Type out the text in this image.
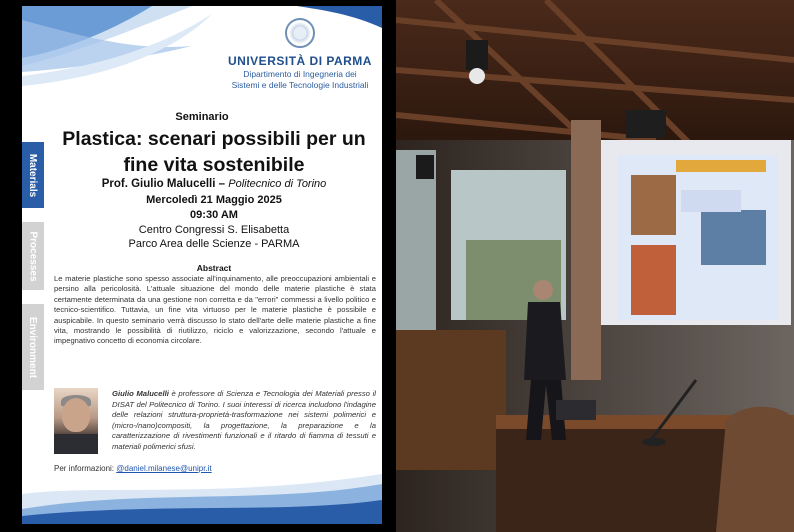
UNIVERSITÀ DI PARMA
Dipartimento di Ingegneria dei
Sistemi e delle Tecnologie Industriali
Materials
Processes
Environment
Seminario
Plastica: scenari possibili per un
fine vita sostenibile
Prof. Giulio Malucelli – Politecnico di Torino
Mercoledì 21 Maggio 2025
09:30 AM
Centro Congressi S. Elisabetta
Parco Area delle Scienze - PARMA
Abstract
Le materie plastiche sono spesso associate all'inquinamento, alle preoccupazioni ambientali e persino alla pericolosità. L'attuale situazione del mondo delle materie plastiche è stata certamente determinata da una gestione non corretta e da "errori" commessi a livello politico e tecnico-scientifico. Tuttavia, un fine vita virtuoso per le materie plastiche è possibile e auspicabile. In questo seminario verrà discusso lo stato dell'arte delle materie plastiche a fine vita, mostrando le possibilità di riutilizzo, riciclo e valorizzazione, secondo l'attuale e impegnativo concetto di economia circolare.
Giulio Malucelli è professore di Scienza e Tecnologia dei Materiali presso il DISAT del Politecnico di Torino. I suoi interessi di ricerca includono l'indagine delle relazioni struttura-proprietà-trasformazione nei sistemi polimerici e (micro-/nano)compositi, la progettazione, la preparazione e la caratterizzazione di rivestimenti funzionali e il ritardo di fiamma di tessuti e materiali polimerici sfusi.
Per informazioni: @daniel.milanese@unipr.it
